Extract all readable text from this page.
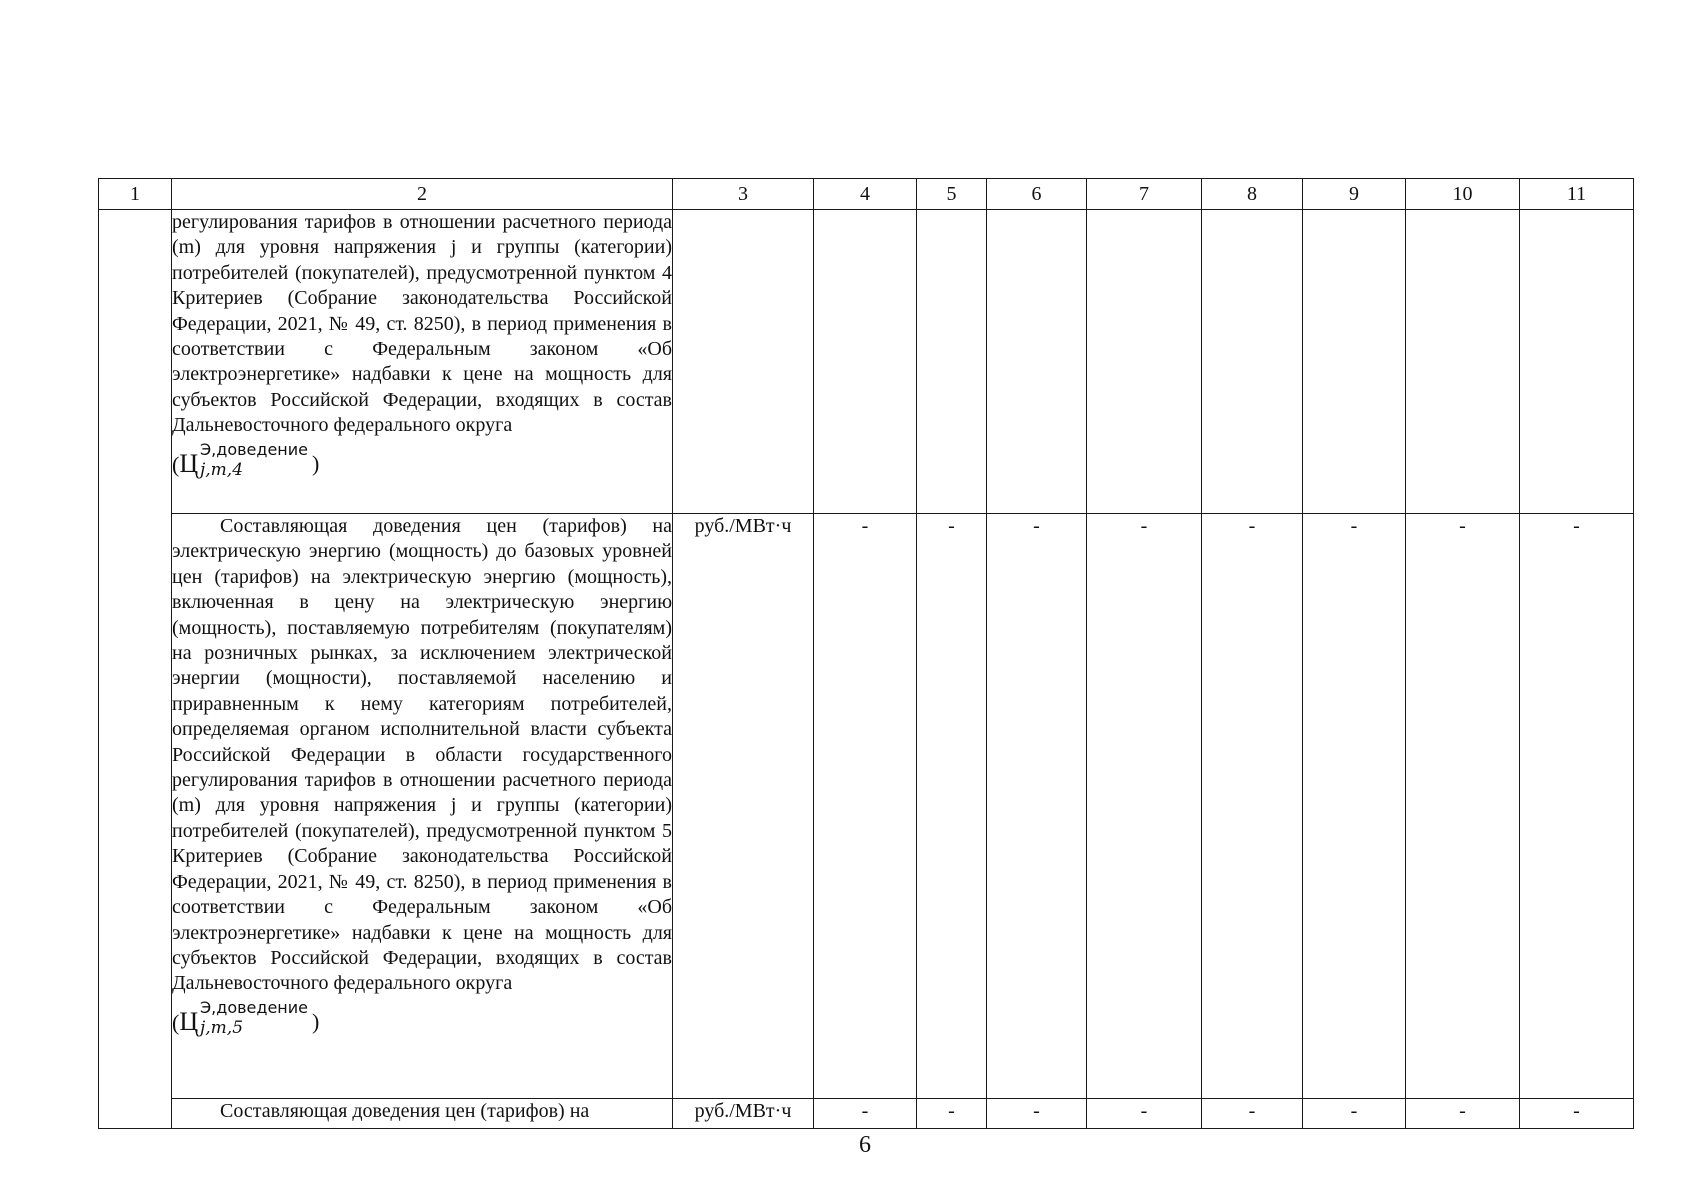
1	2	3	4	5	6	7	8	9	10	11

	регулирования тарифов в отношении расчетного периода (m) для уровня напряжения j и группы (категории) потребителей (покупателей), предусмотренной пунктом 4 Критериев (Собрание законодательства Российской Федерации, 2021, № 49, ст. 8250), в период применения в соответствии с Федеральным законом «Об электроэнергетике» надбавки к цене на мощность для субъектов Российской Федерации, входящих в состав Дальневосточного федерального округа
(Ц Э,доведение
j,m,4 )									

	Составляющая доведения цен (тарифов) на электрическую энергию (мощность) до базовых уровней цен (тарифов) на электрическую энергию (мощность), включенная в цену на электрическую энергию (мощность), поставляемую потребителям (покупателям) на розничных рынках, за исключением электрической энергии (мощности), поставляемой населению и приравненным к нему категориям потребителей, определяемая органом исполнительной власти субъекта Российской Федерации в области государственного регулирования тарифов в отношении расчетного периода (m) для уровня напряжения j и группы (категории) потребителей (покупателей), предусмотренной пунктом 5 Критериев (Собрание законодательства Российской Федерации, 2021, № 49, ст. 8250), в период применения в соответствии с Федеральным законом «Об электроэнергетике» надбавки к цене на мощность для субъектов Российской Федерации, входящих в состав Дальневосточного федерального округа
(Ц Э,доведение
j,m,5 )	руб./МВт·ч	-	-	-	-	-	-	-	-

	Составляющая доведения цен (тарифов) на	руб./МВт·ч	-	-	-	-	-	-	-	-
6
